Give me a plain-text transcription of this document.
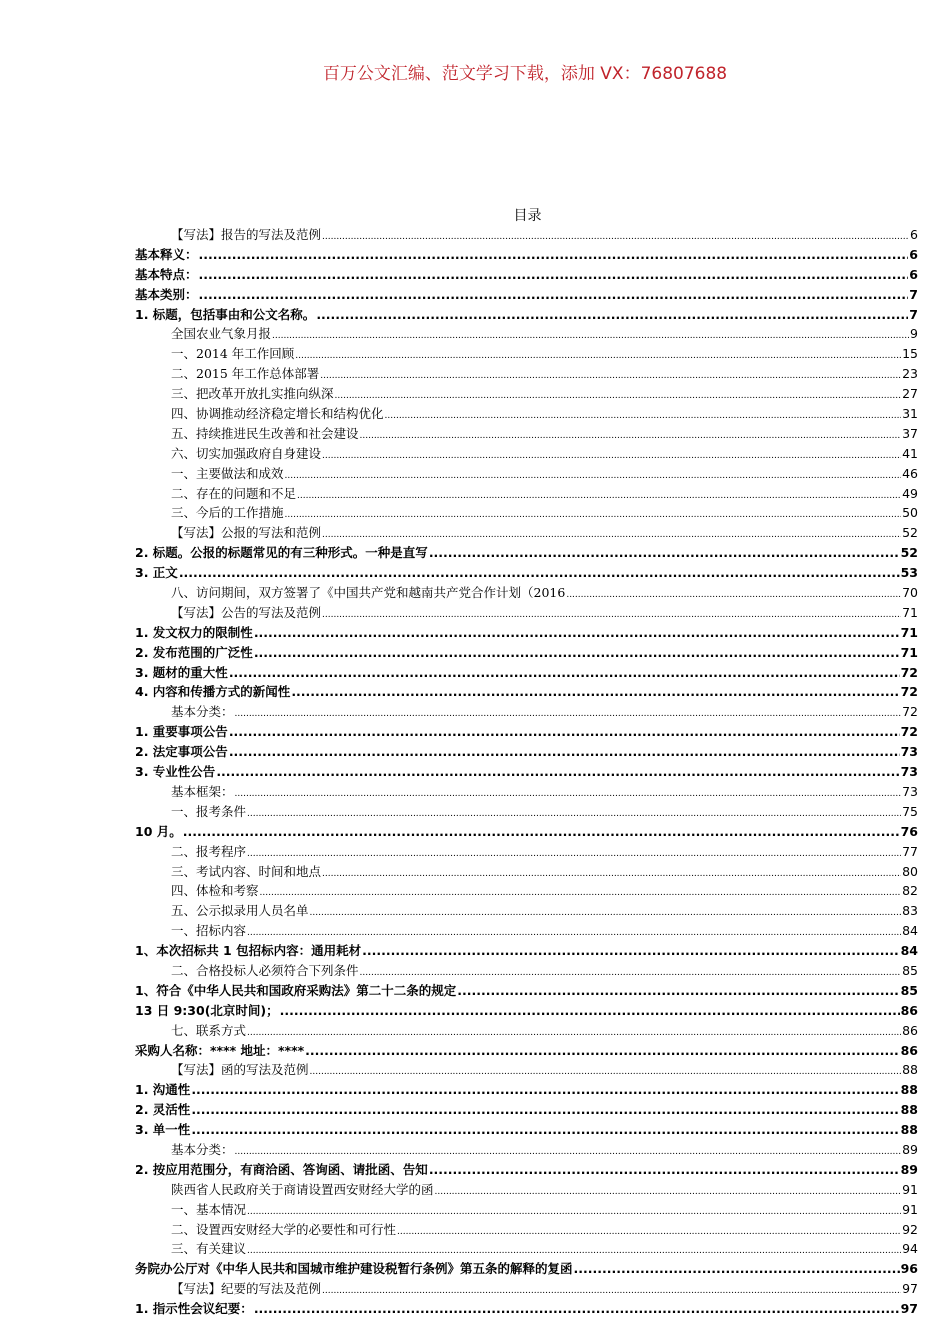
百万公文汇编、范文学习下载，添加 VX：76807688
目录
【写法】报告的写法及范例 .....	6
基本释义： .....	6
基本特点： .....	6
基本类别： .....	7
1. 标题，包括事由和公文名称。 .....	7
全国农业气象月报 .....	9
一、2014 年工作回顾 .....	15
二、2015 年工作总体部署 .....	23
三、把改革开放扎实推向纵深 .....	27
四、协调推动经济稳定增长和结构优化 .....	31
五、持续推进民生改善和社会建设 .....	37
六、切实加强政府自身建设 .....	41
一、主要做法和成效 .....	46
二、存在的问题和不足 .....	49
三、今后的工作措施 .....	50
【写法】公报的写法和范例 .....	52
2. 标题。公报的标题常见的有三种形式。一种是直写 .....	52
3. 正文 .....	53
八、访问期间，双方签署了《中国共产党和越南共产党合作计划（2016 .....	70
【写法】公告的写法及范例 .....	71
1. 发文权力的限制性 .....	71
2. 发布范围的广泛性 .....	71
3. 题材的重大性 .....	72
4. 内容和传播方式的新闻性 .....	72
基本分类： .....	72
1. 重要事项公告 .....	72
2. 法定事项公告 .....	73
3. 专业性公告 .....	73
基本框架： .....	73
一、报考条件 .....	75
10 月。 .....	76
二、报考程序 .....	77
三、考试内容、时间和地点 .....	80
四、体检和考察 .....	82
五、公示拟录用人员名单 .....	83
一、招标内容 .....	84
1、本次招标共 1 包招标内容：通用耗材 .....	84
二、合格投标人必须符合下列条件 .....	85
1、符合《中华人民共和国政府采购法》第二十二条的规定 .....	85
13 日 9:30(北京时间)； .....	86
七、联系方式 .....	86
采购人名称：**** 地址：**** .....	86
【写法】函的写法及范例 .....	88
1. 沟通性 .....	88
2. 灵活性 .....	88
3. 单一性 .....	88
基本分类： .....	89
2. 按应用范围分，有商洽函、答询函、请批函、告知 .....	89
陕西省人民政府关于商请设置西安财经大学的函 .....	91
一、基本情况 .....	91
二、设置西安财经大学的必要性和可行性 .....	92
三、有关建议 .....	94
务院办公厅对《中华人民共和国城市维护建设税暂行条例》第五条的解释的复函 .....	96
【写法】纪要的写法及范例 .....	97
1. 指示性会议纪要： .....	97
